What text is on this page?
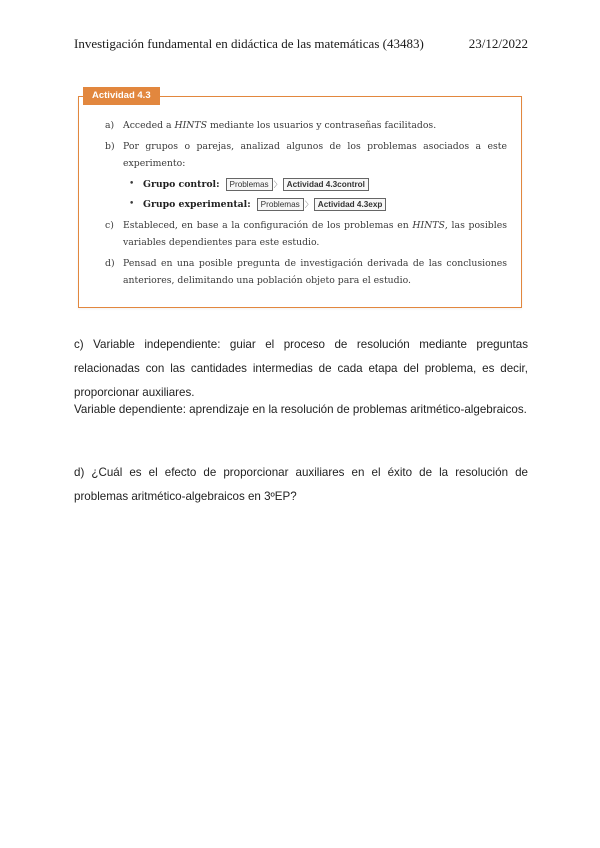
Investigación fundamental en didáctica de las matemáticas (43483)	23/12/2022
Actividad 4.3
a) Acceded a HINTS mediante los usuarios y contraseñas facilitados.
b) Por grupos o parejas, analizad algunos de los problemas asociados a este experimento:
• Grupo control:	Problemas 〉 Actividad 4.3control
• Grupo experimental:	Problemas 〉 Actividad 4.3exp
c) Estableced, en base a la configuración de los problemas en HINTS, las posibles variables dependientes para este estudio.
d) Pensad en una posible pregunta de investigación derivada de las conclusiones anteriores, delimitando una población objeto para el estudio.

c) Variable independiente: guiar el proceso de resolución mediante preguntas relacionadas con las cantidades intermedias de cada etapa del problema, es decir, proporcionar auxiliares.

Variable dependiente: aprendizaje en la resolución de problemas aritmético-algebraicos.

d) ¿Cuál es el efecto de proporcionar auxiliares en el éxito de la resolución de problemas aritmético-algebraicos en 3ºEP?
